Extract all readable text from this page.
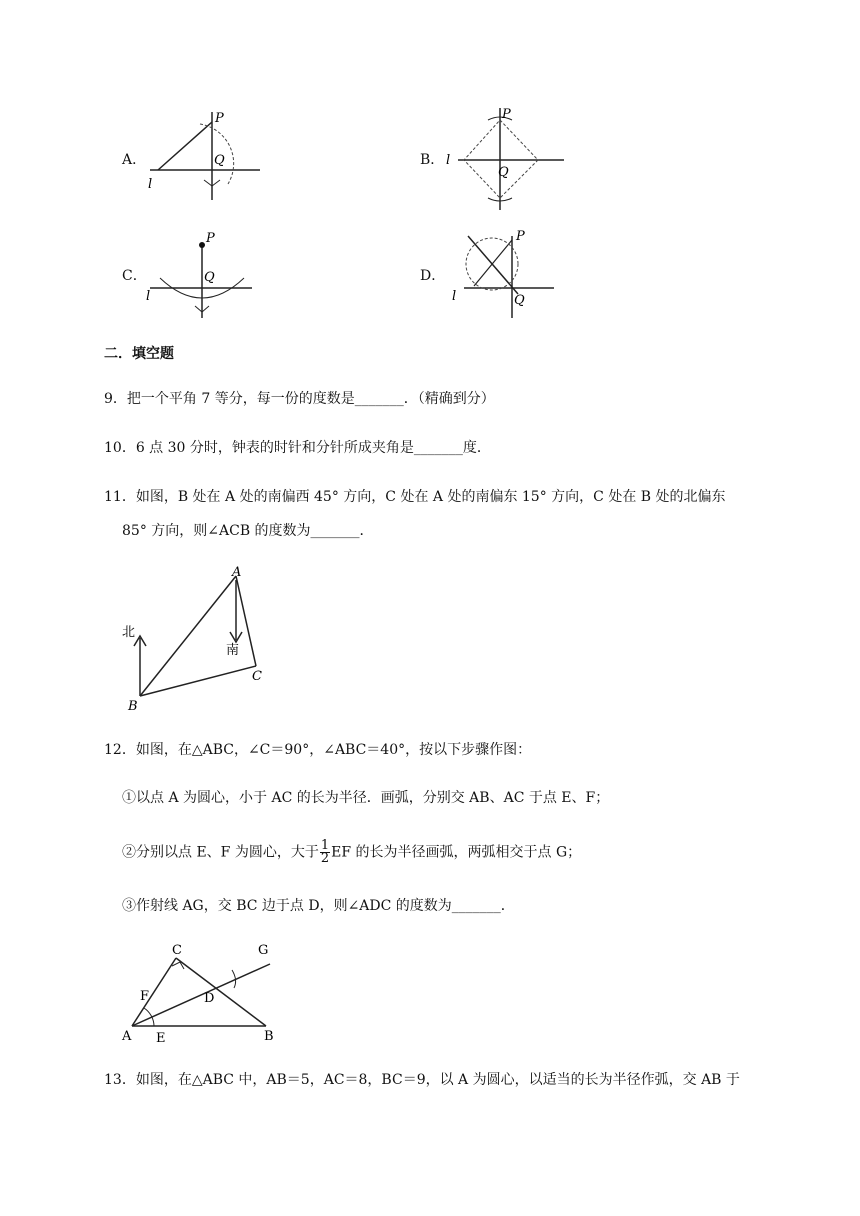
A．
P
Q
l
B．
P
Q
l
C．
P
Q
l
D．
P
Q
l
二．填空题
9．把一个平角 7 等分，每一份的度数是_______．（精确到分）
10．6 点 30 分时，钟表的时针和分针所成夹角是_______度．
11．如图，B 处在 A 处的南偏西 45° 方向，C 处在 A 处的南偏东 15° 方向，C 处在 B 处的北偏东
85° 方向，则∠ACB 的度数为_______．
A
B
C
北
南
12．如图，在△ABC，∠C＝90°，∠ABC＝40°，按以下步骤作图：
①以点 A 为圆心，小于 AC 的长为半径．画弧，分别交 AB、AC 于点 E、F；
②分别以点 E、F 为圆心，大于 $\frac{1}{2}$ EF 的长为半径画弧，两弧相交于点 G；
③作射线 AG，交 BC 边于点 D，则∠ADC 的度数为_______．
C
F	D
G
A E	B
13．如图，在△ABC 中，AB＝5，AC＝8，BC＝9，以 A 为圆心，以适当的长为半径作弧，交 AB 于
